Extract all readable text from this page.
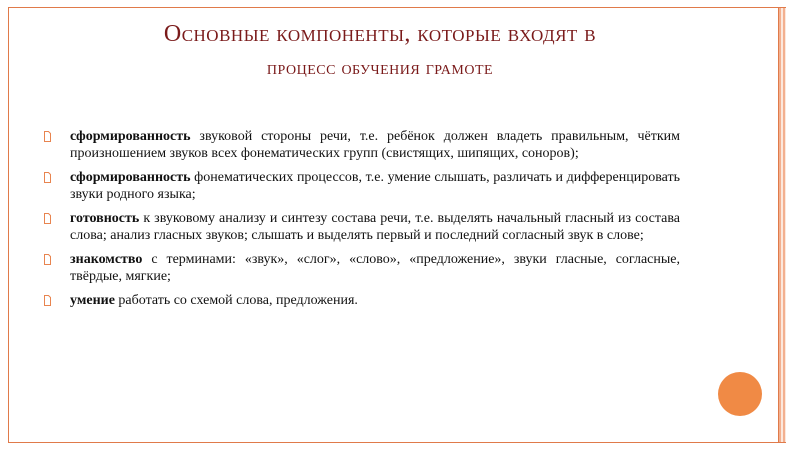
Основные компоненты, которые входят в
процесс обучения грамоте
сформированность звуковой стороны речи, т.е. ребёнок должен владеть правильным, чётким произношением звуков всех фонематических групп (свистящих, шипящих, соноров);
сформированность фонематических процессов, т.е. умение слышать, различать и дифференцировать звуки родного языка;
готовность к звуковому анализу и синтезу состава речи, т.е. выделять начальный гласный из состава слова; анализ гласных звуков; слышать и выделять первый и последний согласный звук в слове;
знакомство с терминами: «звук», «слог», «слово», «предложение», звуки гласные, согласные, твёрдые, мягкие;
умение работать со схемой слова, предложения.
